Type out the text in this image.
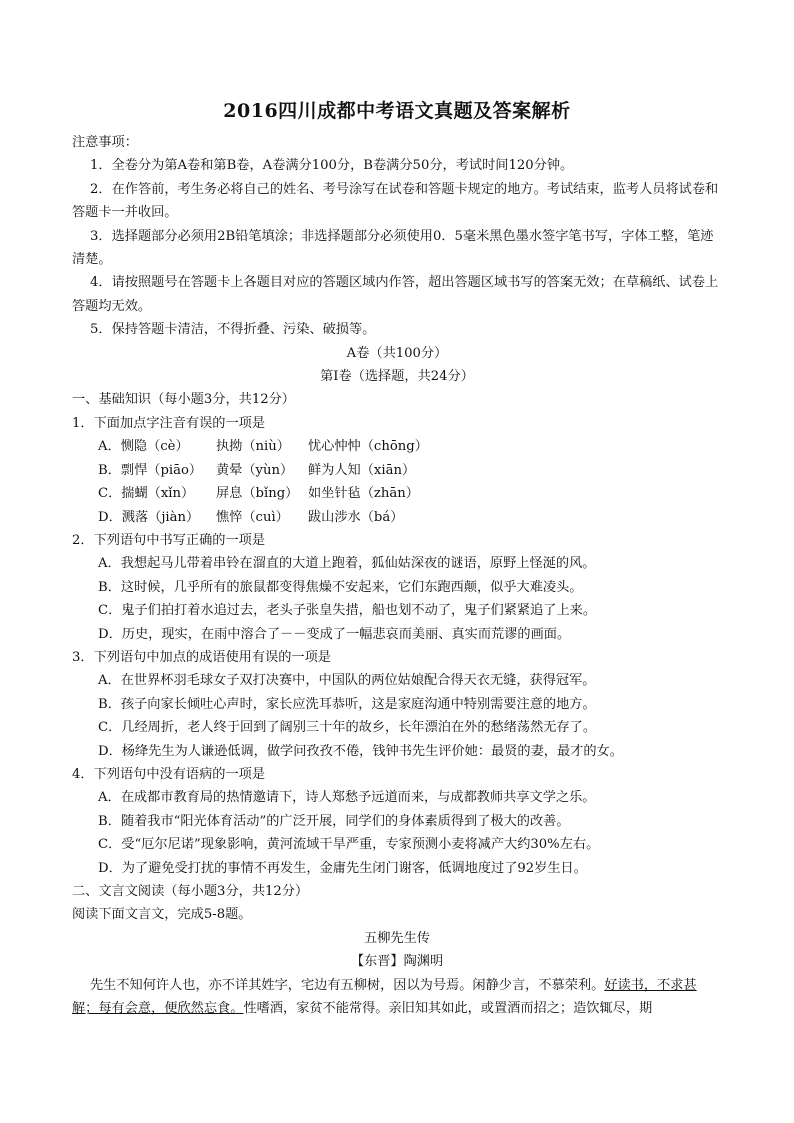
2016四川成都中考语文真题及答案解析
注意事项：
1．全卷分为第A卷和第B卷，A卷满分100分，B卷满分50分，考试时间120分钟。
2．在作答前，考生务必将自己的姓名、考号涂写在试卷和答题卡规定的地方。考试结束，监考人员将试卷和答题卡一并收回。
3．选择题部分必须用2B铅笔填涂；非选择题部分必须使用0．5毫米黑色墨水签字笔书写，字体工整，笔迹清楚。
4．请按照题号在答题卡上各题目对应的答题区域内作答，超出答题区域书写的答案无效；在草稿纸、试卷上答题均无效。
5．保持答题卡清洁，不得折叠、污染、破损等。
A卷（共100分）
第Ⅰ卷（选择题，共24分）
一、基础知识（每小题3分，共12分）
1．下面加点字注音有误的一项是
A．恻隐（cè） 执拗（niù） 忧心忡忡（chōng）
B．剽悍（piāo） 黄晕（yùn） 鲜为人知（xiān）
C．揣蝴（xǐn） 屏息（bǐng） 如坐针毡（zhān）
D．溅落（jiàn） 憔悴（cuì） 跋山涉水（bá）
2．下列语句中书写正确的一项是
A．我想起马儿带着串铃在溜直的大道上跑着，狐仙姑深夜的谜语，原野上怪涎的风。
B．这时候，几乎所有的旅鼠都变得焦燥不安起来，它们东跑西颠，似乎大难凌头。
C．鬼子们拍打着水追过去，老头子张皇失措，船也划不动了，鬼子们紧紧追了上来。
D．历史，现实，在雨中溶合了－－变成了一幅悲哀而美丽、真实而荒谬的画面。
3．下列语句中加点的成语使用有误的一项是
A．在世界杯羽毛球女子双打决赛中，中国队的两位姑娘配合得天衣无缝，获得冠军。
B．孩子向家长倾吐心声时，家长应洗耳恭听，这是家庭沟通中特别需要注意的地方。
C．几经周折，老人终于回到了阔别三十年的故乡，长年漂泊在外的愁绪荡然无存了。
D．杨绛先生为人谦逊低调，做学问孜孜不倦，钱钟书先生评价她：最贤的妻，最才的女。
4．下列语句中没有语病的一项是
A．在成都市教育局的热情邀请下，诗人郑愁予远道而来，与成都教师共享文学之乐。
B．随着我市“阳光体育活动”的广泛开展，同学们的身体素质得到了极大的改善。
C．受“厄尔尼诺”现象影响，黄河流域干旱严重，专家预测小麦将减产大约30%左右。
D．为了避免受打扰的事情不再发生，金庸先生闭门谢客，低调地度过了92岁生日。
二、文言文阅读（每小题3分，共12分）
阅读下面文言文，完成5-8题。
五柳先生传
【东晋】陶渊明
先生不知何许人也，亦不详其姓字，宅边有五柳树，因以为号焉。闲静少言，不慕荣利。好读书，不求甚解；每有会意，便欣然忘食。性嗜酒，家贫不能常得。亲旧知其如此，或置酒而招之；造饮辄尽，期
